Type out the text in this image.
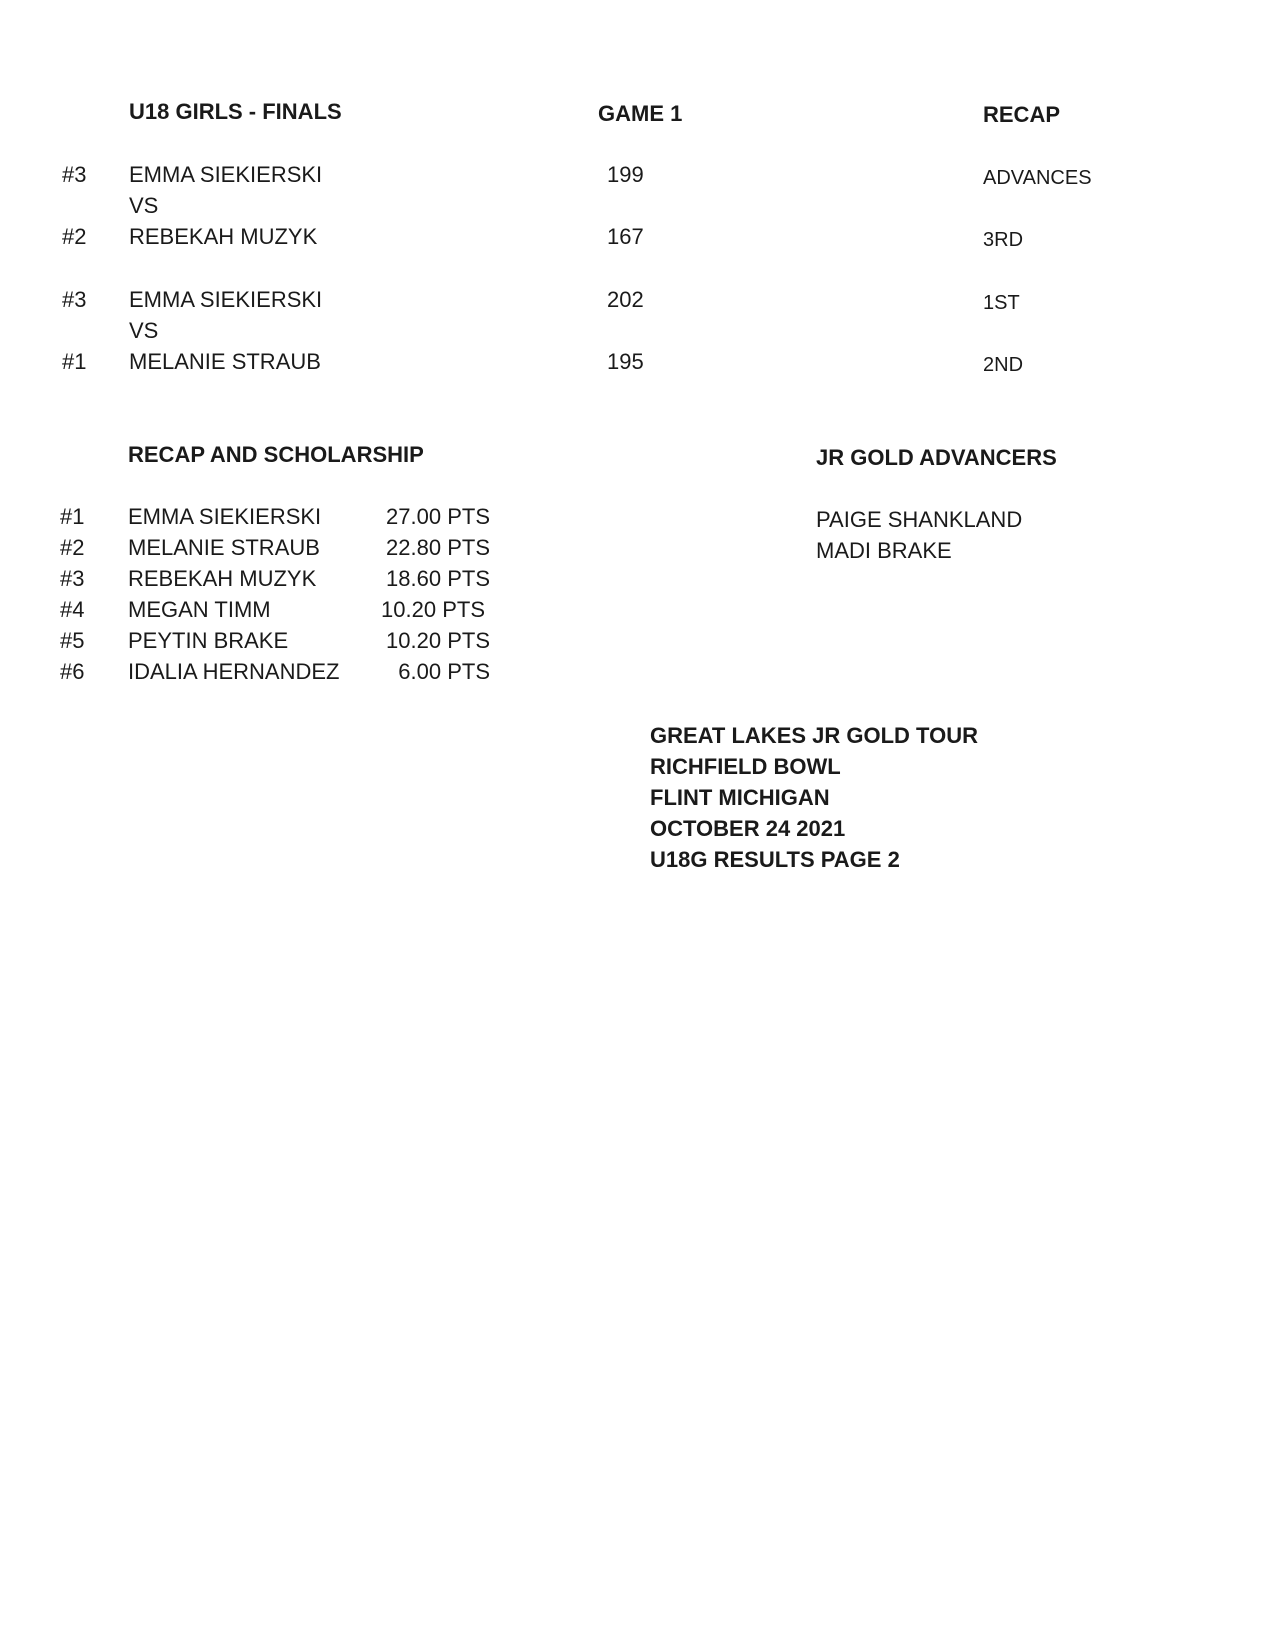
U18 GIRLS - FINALS	GAME 1	RECAP
#3 EMMA SIEKIERSKI	199	ADVANCES
VS
#2 REBEKAH MUZYK	167	3RD
#3 EMMA SIEKIERSKI	202	1ST
VS
#1 MELANIE STRAUB	195	2ND
RECAP AND SCHOLARSHIP
#1 EMMA SIEKIERSKI	27.00 PTS
#2 MELANIE STRAUB	22.80 PTS
#3 REBEKAH MUZYK	18.60 PTS
#4 MEGAN TIMM	10.20 PTS
#5 PEYTIN BRAKE	10.20 PTS
#6 IDALIA HERNANDEZ	6.00 PTS
JR GOLD ADVANCERS
PAIGE SHANKLAND
MADI BRAKE
GREAT LAKES JR GOLD TOUR
RICHFIELD BOWL
FLINT MICHIGAN
OCTOBER 24 2021
U18G RESULTS PAGE 2
